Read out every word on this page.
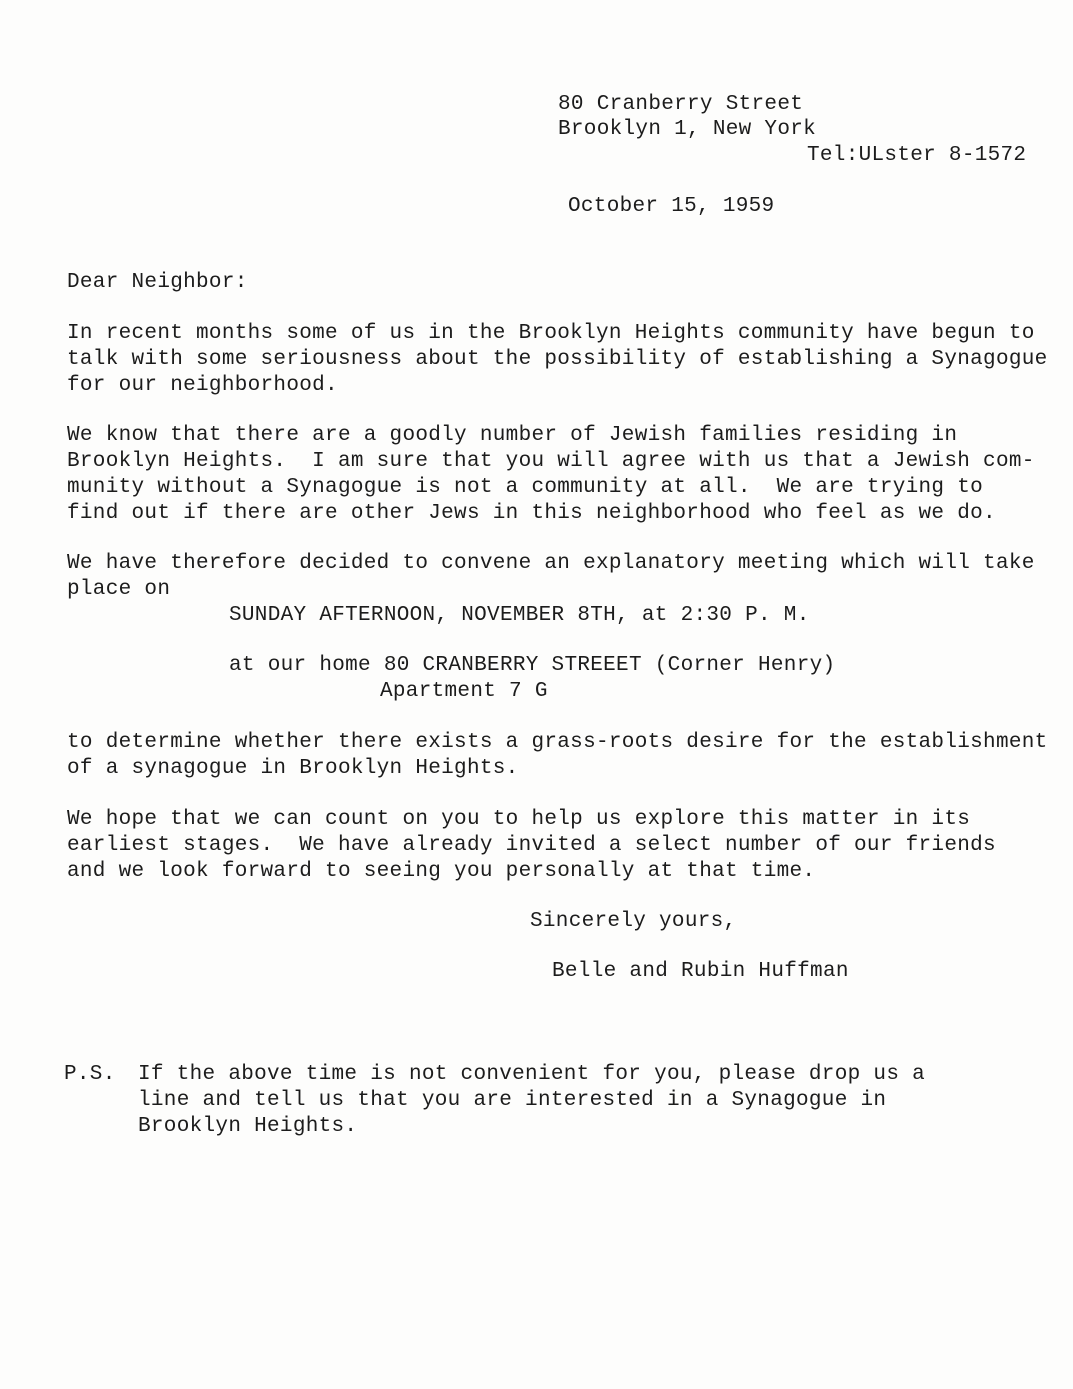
80 Cranberry Street
Brooklyn 1, New York
Tel:ULster 8-1572
October 15, 1959
Dear Neighbor:
In recent months some of us in the Brooklyn Heights community have begun to
talk with some seriousness about the possibility of establishing a Synagogue
for our neighborhood.
We know that there are a goodly number of Jewish families residing in
Brooklyn Heights.  I am sure that you will agree with us that a Jewish com-
munity without a Synagogue is not a community at all.  We are trying to
find out if there are other Jews in this neighborhood who feel as we do.
We have therefore decided to convene an explanatory meeting which will take
place on
SUNDAY AFTERNOON, NOVEMBER 8TH, at 2:30 P. M.
at our home 80 CRANBERRY STREEET (Corner Henry)
Apartment 7 G
to determine whether there exists a grass-roots desire for the establishment
of a synagogue in Brooklyn Heights.
We hope that we can count on you to help us explore this matter in its
earliest stages.  We have already invited a select number of our friends
and we look forward to seeing you personally at that time.
Sincerely yours,
Belle and Rubin Huffman
P.S. If the above time is not convenient for you, please drop us a
line and tell us that you are interested in a Synagogue in
Brooklyn Heights.
